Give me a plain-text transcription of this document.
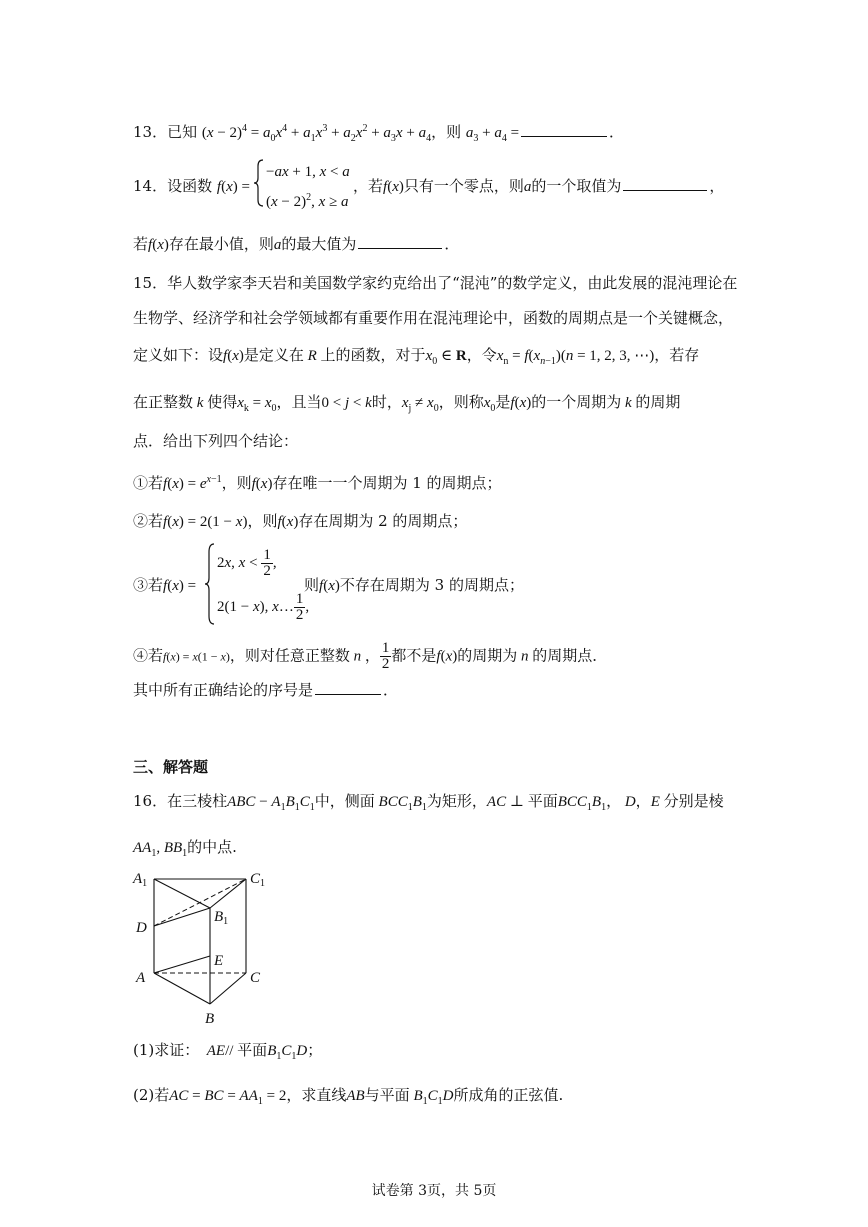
13．已知 $(x - 2)^4 = a_0x^4 + a_1x^3 + a_2x^2 + a_3x + a_4$，则 $a_3 + a_4$ =	．
14．设函数 f(x) =
−ax + 1, x < a
$(x - 2)^2$, x ≥ a
，若f(x)只有一个零点，则a的一个取值为	，
若f(x)存在最小值，则a的最大值为	．
15．华人数学家李天岩和美国数学家约克给出了“混沌”的数学定义，由此发展的混沌理论在
生物学、经济学和社会学领域都有重要作用在混沌理论中，函数的周期点是一个关键概念，
定义如下：设f(x)是定义在 R 上的函数，对于$x_0$ ∈ R，令$x_n = f(x_{n-1})(n = 1$, 2, 3, ⋯)，若存
在正整数 k 使得$x_k = x_0$，且当0 < j < k时，$x_j \ne x_0$，则称$x_0$是f(x)的一个周期为 k 的周期
点．给出下列四个结论：
①若$f(x) = e^{x-1}$，则f(x)存在唯一一个周期为 1 的周期点；
②若f(x) = 2(1 − x)，则f(x)存在周期为 2 的周期点；
③若f(x) =
2x, $x < \frac{1}{2}$ ,
2(1 − x), x… $\frac{1}{2}$ ,
则f(x)不存在周期为 3 的周期点；
④若f(x) = x(1 − x)，则对任意正整数 n ， $\frac{1}{2}$ 都不是f(x)的周期为 n 的周期点．
其中所有正确结论的序号是	．
三、解答题
16．在三棱柱ABC − $A_1B_1C_1$中，侧面 $BCC_1B_1$为矩形，AC ⊥ 平面$BCC_1B_1$， D，E 分别是棱
$AA_1$, $BB_1$的中点.
$A_1$	$C_1$
$B_1$
D
E
A	C
B
(1)求证： AE// 平面$B_1C_1D$；
(2)若AC = BC = $AA_1 = 2$，求直线AB与平面 $B_1C_1D$所成角的正弦值.
试卷第 3页，共 5页
